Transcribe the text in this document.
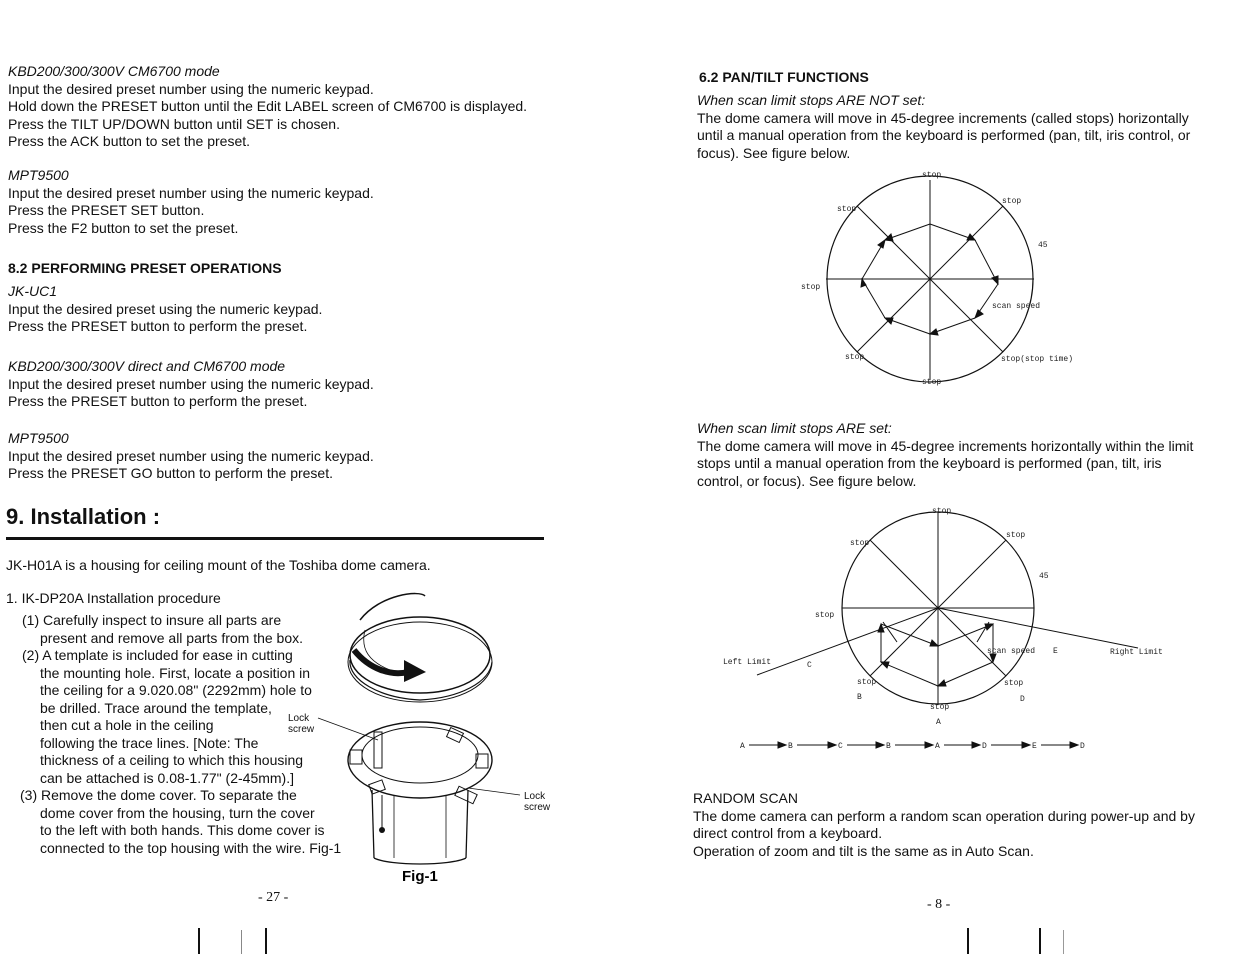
KBD200/300/300V CM6700 mode
Input the desired preset number using the numeric keypad.
Hold down the PRESET button until the Edit LABEL screen of CM6700 is displayed.
Press the TILT UP/DOWN button until SET is chosen.
Press the ACK button to set the preset.
MPT9500
Input the desired preset number using the numeric keypad.
Press the PRESET SET button.
Press the F2 button to set the preset.
8.2 PERFORMING PRESET OPERATIONS
JK-UC1
Input the desired preset using the numeric keypad.
Press the PRESET button to perform the preset.
KBD200/300/300V direct and CM6700 mode
Input the desired preset number using the numeric keypad.
Press the PRESET button to perform the preset.
MPT9500
Input the desired preset number using the numeric keypad.
Press the PRESET GO button to perform the preset.
9. Installation :
JK-H01A is a housing for ceiling mount of the Toshiba dome camera.
1. IK-DP20A Installation procedure
(1) Carefully inspect to insure all parts are
present and remove all parts from the box.
(2) A template is included for ease in cutting
the mounting hole. First, locate a position in
the ceiling for a 9.020.08" (2292mm) hole to
be drilled. Trace around the template,
then cut a hole in the ceiling
following the trace lines. [Note: The
thickness of a ceiling to which this housing
can be attached is 0.08-1.77" (2-45mm).]
(3) Remove the dome cover. To separate the
dome cover from the housing, turn the cover
to the left with both hands. This dome cover is
connected to the top housing with the wire. Fig-1
Lock
screw
Lock
screw
Fig-1
- 27 -
6.2 PAN/TILT FUNCTIONS
When scan limit stops ARE NOT set:
The dome camera will move in 45-degree increments (called stops) horizontally
until a manual operation from the keyboard is performed (pan, tilt, iris control, or
focus). See figure below.
stop
stop
stop
45
stop
scan speed
stop	stop(stop time)
stop
When scan limit stops ARE set:
The dome camera will move in 45-degree increments horizontally within the limit
stops until a manual operation from the keyboard is performed (pan, tilt, iris
control, or focus). See figure below.
stop
stop
stop
45
stop
scan speed E	Right Limit
Left Limit	C
stop	stop
B	D
stop
A
A	B	C	B	A	D	E	D
RANDOM SCAN
The dome camera can perform a random scan operation during power-up and by
direct control from a keyboard.
Operation of zoom and tilt is the same as in Auto Scan.
- 8 -
